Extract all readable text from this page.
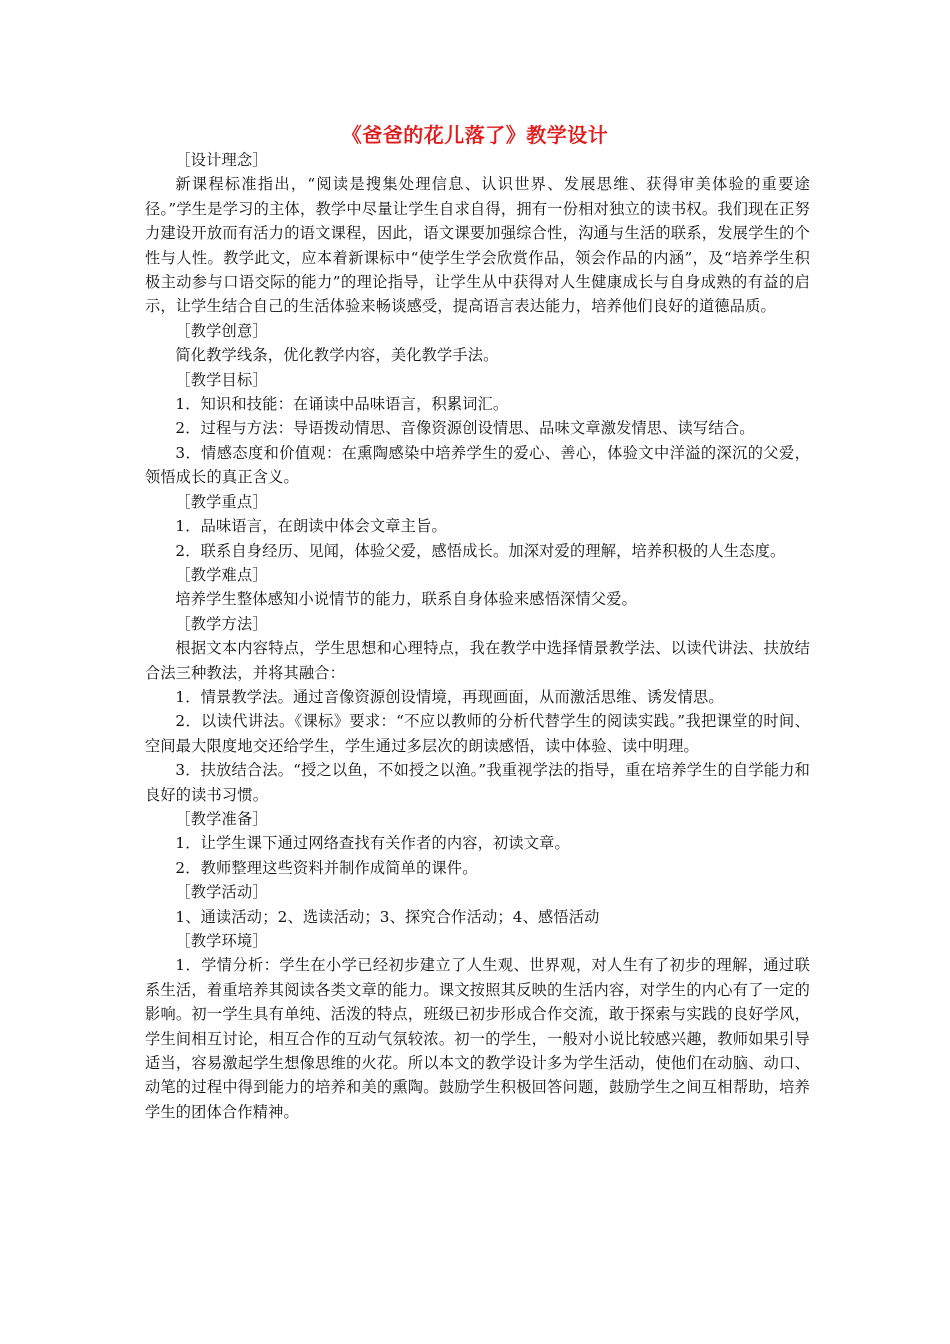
《爸爸的花儿落了》教学设计

［设计理念］

新课程标准指出，“阅读是搜集处理信息、认识世界、发展思维、获得审美体验的重要途径。”学生是学习的主体，教学中尽量让学生自求自得，拥有一份相对独立的读书权。我们现在正努力建设开放而有活力的语文课程，因此，语文课要加强综合性，沟通与生活的联系，发展学生的个性与人性。教学此文，应本着新课标中“使学生学会欣赏作品，领会作品的内涵”，及“培养学生积极主动参与口语交际的能力”的理论指导，让学生从中获得对人生健康成长与自身成熟的有益的启示，让学生结合自己的生活体验来畅谈感受，提高语言表达能力，培养他们良好的道德品质。

［教学创意］

简化教学线条，优化教学内容，美化教学手法。

［教学目标］

1．知识和技能：在诵读中品味语言，积累词汇。

2．过程与方法：导语拨动情思、音像资源创设情思、品味文章激发情思、读写结合。

3．情感态度和价值观：在熏陶感染中培养学生的爱心、善心，体验文中洋溢的深沉的父爱，领悟成长的真正含义。

［教学重点］

1．品味语言，在朗读中体会文章主旨。

2．联系自身经历、见闻，体验父爱，感悟成长。加深对爱的理解，培养积极的人生态度。

［教学难点］

培养学生整体感知小说情节的能力，联系自身体验来感悟深情父爱。

［教学方法］

根据文本内容特点，学生思想和心理特点，我在教学中选择情景教学法、以读代讲法、扶放结合法三种教法，并将其融合：

1．情景教学法。通过音像资源创设情境，再现画面，从而激活思维、诱发情思。

2．以读代讲法。《课标》要求：“不应以教师的分析代替学生的阅读实践。”我把课堂的时间、空间最大限度地交还给学生，学生通过多层次的朗读感悟，读中体验、读中明理。

3．扶放结合法。“授之以鱼，不如授之以渔。”我重视学法的指导，重在培养学生的自学能力和良好的读书习惯。

［教学准备］

1．让学生课下通过网络查找有关作者的内容，初读文章。

2．教师整理这些资料并制作成简单的课件。

［教学活动］

1、通读活动；2、选读活动；3、探究合作活动；4、感悟活动

［教学环境］

1．学情分析：学生在小学已经初步建立了人生观、世界观，对人生有了初步的理解，通过联系生活，着重培养其阅读各类文章的能力。课文按照其反映的生活内容，对学生的内心有了一定的影响。初一学生具有单纯、活泼的特点，班级已初步形成合作交流，敢于探索与实践的良好学风，学生间相互讨论，相互合作的互动气氛较浓。初一的学生，一般对小说比较感兴趣，教师如果引导适当，容易激起学生想像思维的火花。所以本文的教学设计多为学生活动，使他们在动脑、动口、动笔的过程中得到能力的培养和美的熏陶。鼓励学生积极回答问题，鼓励学生之间互相帮助，培养学生的团体合作精神。
